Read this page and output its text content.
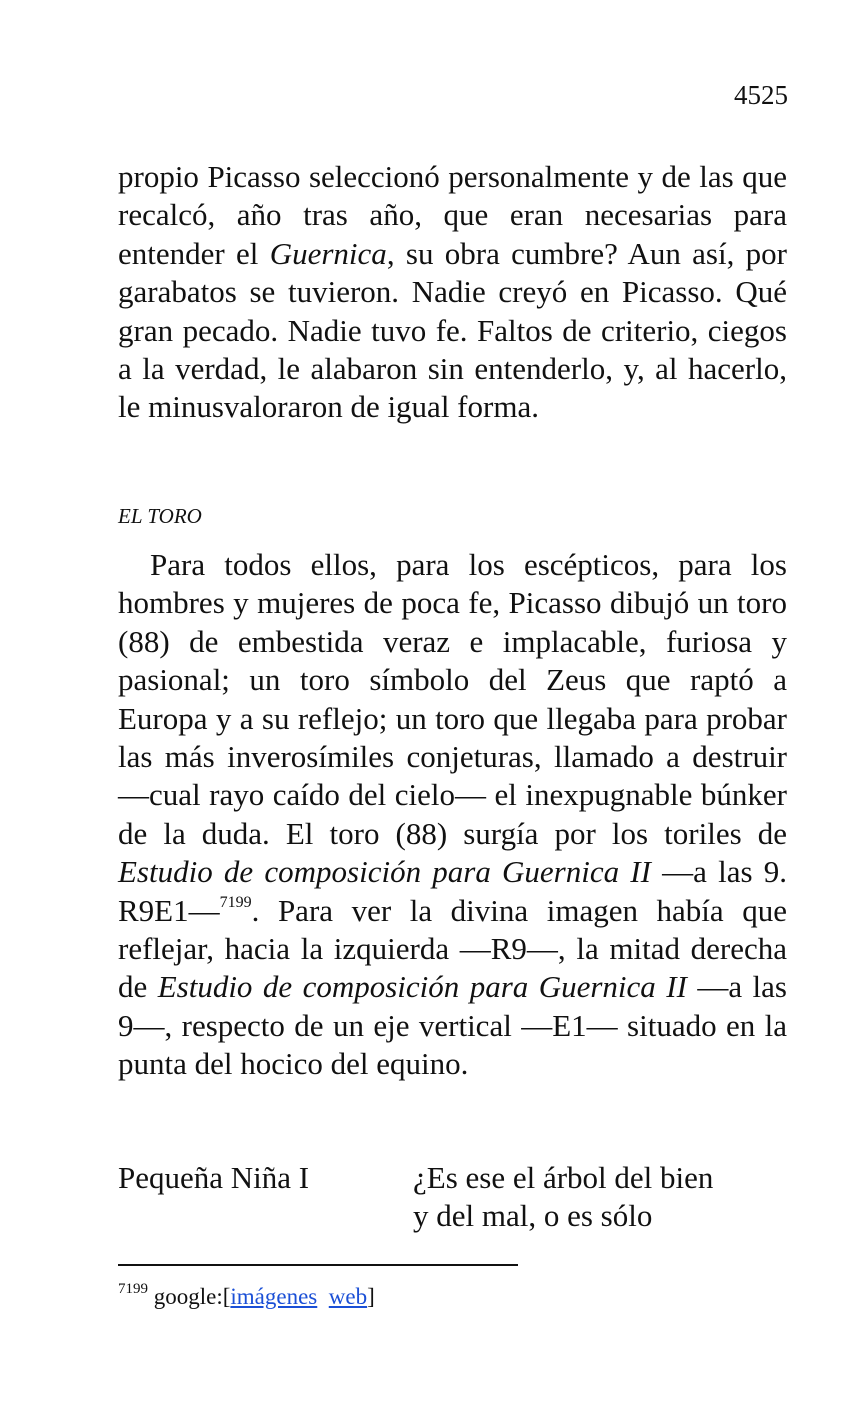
4525

propio Picasso seleccionó personalmente y de las que recalcó, año tras año, que eran necesarias para entender el Guernica, su obra cumbre? Aun así, por garabatos se tuvieron. Nadie creyó en Picasso. Qué gran pecado. Nadie tuvo fe. Faltos de criterio, ciegos a la verdad, le alabaron sin entenderlo, y, al hacerlo, le minusvaloraron de igual forma.

EL TORO

Para todos ellos, para los escépticos, para los hombres y mujeres de poca fe, Picasso dibujó un toro (88) de embestida veraz e implacable, furiosa y pasional; un toro símbolo del Zeus que raptó a Europa y a su reflejo; un toro que llegaba para probar las más inverosímiles conjeturas, llamado a destruir —cual rayo caído del cielo— el inexpugnable búnker de la duda. El toro (88) surgía por los toriles de Estudio de composición para Guernica II —a las 9. R9E1—$^{7199}$. Para ver la divina imagen había que reflejar, hacia la izquierda —R9—, la mitad derecha de Estudio de composición para Guernica II —a las 9—, respecto de un eje vertical —E1— situado en la punta del hocico del equino.

Pequeña Niña I	¿Es ese el árbol del bien
y del mal, o es sólo
$^{7199}$ google:[imágenes web]
